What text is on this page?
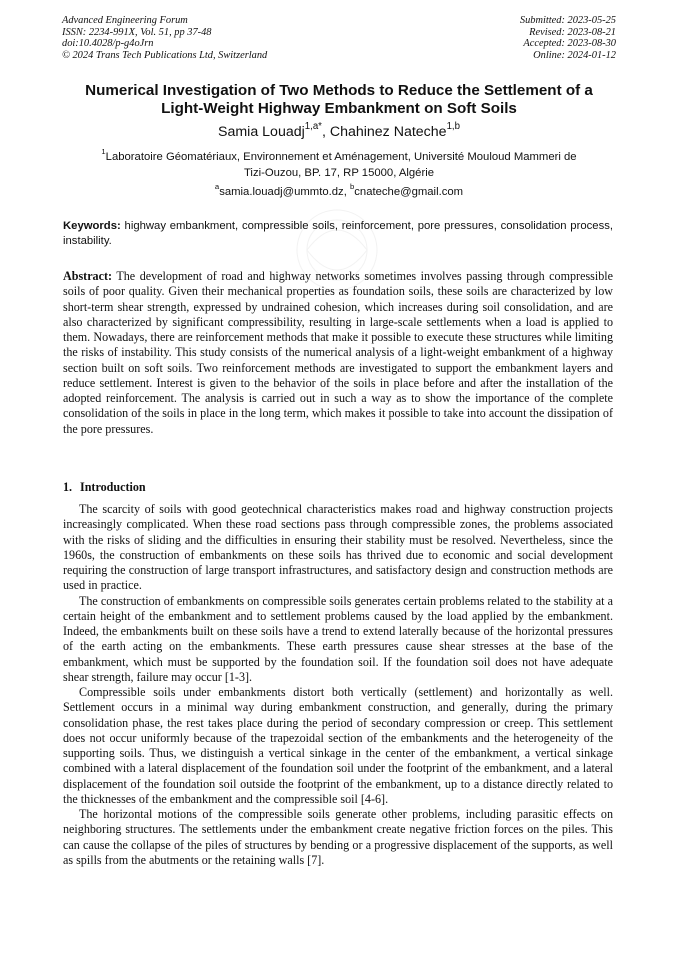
Advanced Engineering Forum
ISSN: 2234-991X, Vol. 51, pp 37-48
doi:10.4028/p-g4oJrn
© 2024 Trans Tech Publications Ltd, Switzerland
Submitted: 2023-05-25
Revised: 2023-08-21
Accepted: 2023-08-30
Online: 2024-01-12
Numerical Investigation of Two Methods to Reduce the Settlement of a
Light-Weight Highway Embankment on Soft Soils
Samia Louadj$^{1,a*}$, Chahinez Nateche$^{1,b}$
$^1$Laboratoire Géomatériaux, Environnement et Aménagement, Université Mouloud Mammeri de
Tizi-Ouzou, BP. 17, RP 15000, Algérie
$^a$samia.louadj@ummto.dz, $^b$cnateche@gmail.com
Keywords: highway embankment, compressible soils, reinforcement, pore pressures, consolidation process, instability.
Abstract: The development of road and highway networks sometimes involves passing through compressible soils of poor quality. Given their mechanical properties as foundation soils, these soils are characterized by low short-term shear strength, expressed by undrained cohesion, which increases during soil consolidation, and are also characterized by significant compressibility, resulting in large-scale settlements when a load is applied to them. Nowadays, there are reinforcement methods that make it possible to execute these structures while limiting the risks of instability. This study consists of the numerical analysis of a light-weight embankment of a highway section built on soft soils. Two reinforcement methods are investigated to support the embankment layers and reduce settlement. Interest is given to the behavior of the soils in place before and after the installation of the adopted reinforcement. The analysis is carried out in such a way as to show the importance of the complete consolidation of the soils in place in the long term, which makes it possible to take into account the dissipation of the pore pressures.
1. Introduction

The scarcity of soils with good geotechnical characteristics makes road and highway construction projects increasingly complicated. When these road sections pass through compressible zones, the problems associated with the risks of sliding and the difficulties in ensuring their stability must be resolved. Nevertheless, since the 1960s, the construction of embankments on these soils has thrived due to economic and social development requiring the construction of large transport infrastructures, and satisfactory design and construction methods are used in practice.

The construction of embankments on compressible soils generates certain problems related to the stability at a certain height of the embankment and to settlement problems caused by the load applied by the embankment. Indeed, the embankments built on these soils have a trend to extend laterally because of the horizontal pressures of the earth acting on the embankments. These earth pressures cause shear stresses at the base of the embankment, which must be supported by the foundation soil. If the foundation soil does not have adequate shear strength, failure may occur [1-3].

Compressible soils under embankments distort both vertically (settlement) and horizontally as well. Settlement occurs in a minimal way during embankment construction, and generally, during the primary consolidation phase, the rest takes place during the period of secondary compression or creep. This settlement does not occur uniformly because of the trapezoidal section of the embankments and the heterogeneity of the supporting soils. Thus, we distinguish a vertical sinkage in the center of the embankment, a vertical sinkage combined with a lateral displacement of the foundation soil under the footprint of the embankment, and a lateral displacement of the foundation soil outside the footprint of the embankment, up to a distance directly related to the thicknesses of the embankment and the compressible soil [4-6].

The horizontal motions of the compressible soils generate other problems, including parasitic effects on neighboring structures. The settlements under the embankment create negative friction forces on the piles. This can cause the collapse of the piles of structures by bending or a progressive displacement of the supports, as well as spills from the abutments or the retaining walls [7].
